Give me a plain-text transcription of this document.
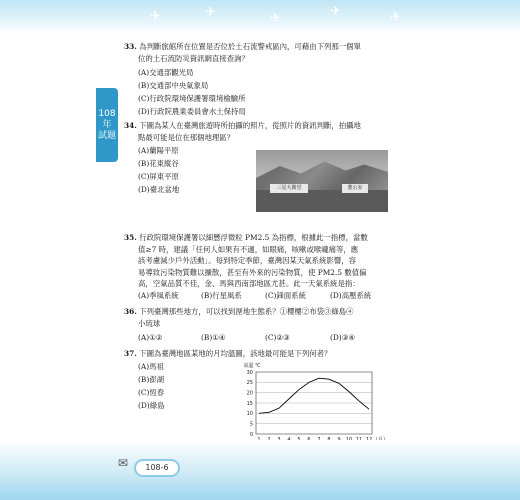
✈	✈	✈	✈	✈
108
年
試題
33. 為判斷旅館所在位置是否位於土石流警戒區內，可藉由下列那一個單
位的土石流防災資訊網直接查詢？
(A)交通部觀光局
(B)交通部中央氣象局
(C)行政院環境保護署環境檢驗所
(D)行政院農業委員會水土保持局
34. 下圖為某人在臺灣旅遊時所拍攝的照片，從照片的資訊判斷，拍攝地
點最可能是位在那個地理區？
(A)蘭陽平原
(B)花東縱谷
(C)屏東平原
(D)臺北盆地	三星大衛堂	蔥公室
35. 行政院環境保護署以細懸浮微粒 PM2.5 為指標，根據此一指標，當數
值≥7 時，建議「任何人如果有不適，如眼痛，咳嗽或喉嚨痛等，應
該考慮減少戶外活動」。每到特定季節，臺灣因某天氣系統影響，容
易導致污染物質難以擴散，甚至有外來的污染物質，使 PM2.5 數值偏
高，空氣品質不佳，金、馬與西南部地區尤甚。此一天氣系統是指：
(A)季風系統	(B)行星風系	(C)鋒面系統	(D)高壓系統
36. 下列臺灣那些地方，可以找到溼地生態系？①櫻樓②布袋③綠島④
小琉球
(A)①②	(B)①④	(C)②③	(D)③④
37. 下圖為臺灣地區某地的月均溫圖，該地最可能是下列何者？
(A)馬祖
(B)澎湖
(C)恆春
(D)綠島
0
5
10
15
20
25
30
氣溫 ℃
✉	108-6
